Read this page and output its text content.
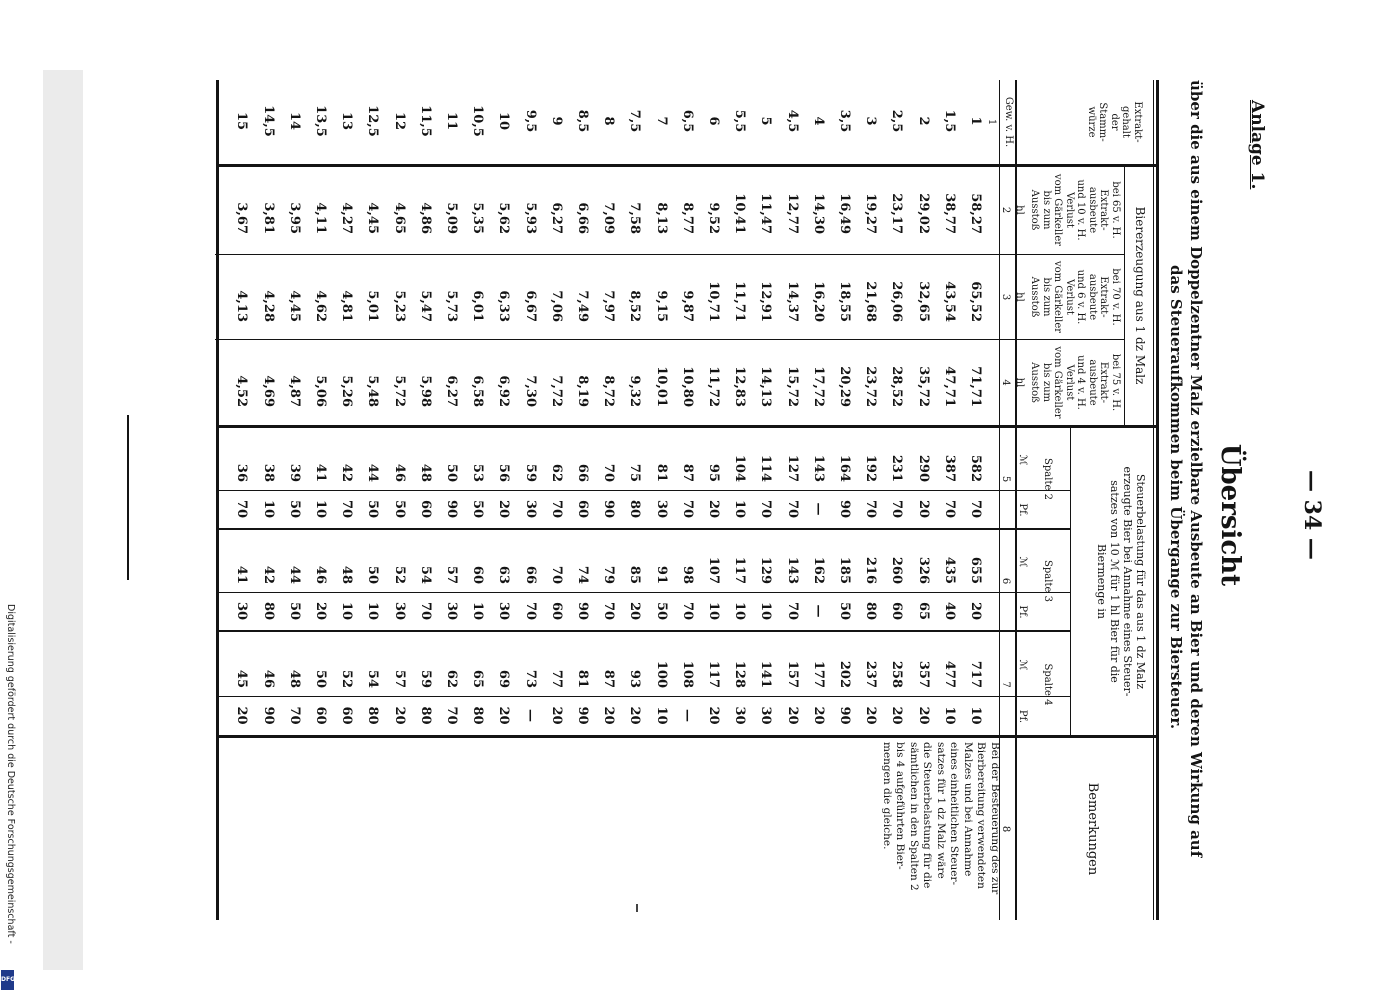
Digitalisierung gefördert durch die Deutsche Forschungsgemeinschaft -
DFG
— 34 —
Anlage 1.
Übersicht
über die aus einem Doppelzentner Malz erzielbare Ausbeute an Bier und deren Wirkung auf
das Steueraufkommen beim Übergange zur Biersteuer.
Extrakt-
gehalt
der
Stamm-
würze
Gew. v. H.
Biererzeugung aus 1 dz Malz
bei 65 v. H.
Extrakt-
ausbeute
und 10 v. H.
Verlust
vom Gärkeller
bis zum
Ausstoß
bei 70 v. H.
Extrakt-
ausbeute
und 6 v. H.
Verlust
vom Gärkeller
bis zum
Ausstoß
bei 75 v. H.
Extrakt-
ausbeute
und 4 v. H.
Verlust
vom Gärkeller
bis zum
Ausstoß
hl
hl
hl
Steuerbelastung für das aus 1 dz Malz
erzeugte Bier bei Annahme eines Steuer-
satzes von 10 ℳ für 1 hl Bier für die
Biermenge in
Spalte 2
Spalte 3
Spalte 4
ℳ
Pf.
ℳ
Pf.
ℳ
Pf.
Bemerkungen
1
2
3
4
5
6
7
8
1
58,27
65,52
71,71
582
70
655
20
717
10
1,5
38,77
43,54
47,71
387
70
435
40
477
10
2
29,02
32,65
35,72
290
20
326
65
357
20
2,5
23,17
26,06
28,52
231
70
260
60
258
20
3
19,27
21,68
23,72
192
70
216
80
237
20
3,5
16,49
18,55
20,29
164
90
185
50
202
90
4
14,30
16,20
17,72
143
—
162
—
177
20
4,5
12,77
14,37
15,72
127
70
143
70
157
20
5
11,47
12,91
14,13
114
70
129
10
141
30
5,5
10,41
11,71
12,83
104
10
117
10
128
30
6
9,52
10,71
11,72
95
20
107
10
117
20
6,5
8,77
9,87
10,80
87
70
98
70
108
—
7
8,13
9,15
10,01
81
30
91
50
100
10
7,5
7,58
8,52
9,32
75
80
85
20
93
20
8
7,09
7,97
8,72
70
90
79
70
87
20
8,5
6,66
7,49
8,19
66
60
74
90
81
90
9
6,27
7,06
7,72
62
70
70
60
77
20
9,5
5,93
6,67
7,30
59
30
66
70
73
—
10
5,62
6,33
6,92
56
20
63
30
69
20
10,5
5,35
6,01
6,58
53
50
60
10
65
80
11
5,09
5,73
6,27
50
90
57
30
62
70
11,5
4,86
5,47
5,98
48
60
54
70
59
80
12
4,65
5,23
5,72
46
50
52
30
57
20
12,5
4,45
5,01
5,48
44
50
50
10
54
80
13
4,27
4,81
5,26
42
70
48
10
52
60
13,5
4,11
4,62
5,06
41
10
46
20
50
60
14
3,95
4,45
4,87
39
50
44
50
48
70
14,5
3,81
4,28
4,69
38
10
42
80
46
90
15
3,67
4,13
4,52
36
70
41
30
45
20
Bei der Besteuerung des zur
Bierbereitung verwendeten
Malzes und bei Annahme
eines einheitlichen Steuer-
satzes für 1 dz Malz wäre
die Steuerbelastung für die
sämtlichen in den Spalten 2
bis 4 aufgeführten Bier-
mengen die gleiche.
